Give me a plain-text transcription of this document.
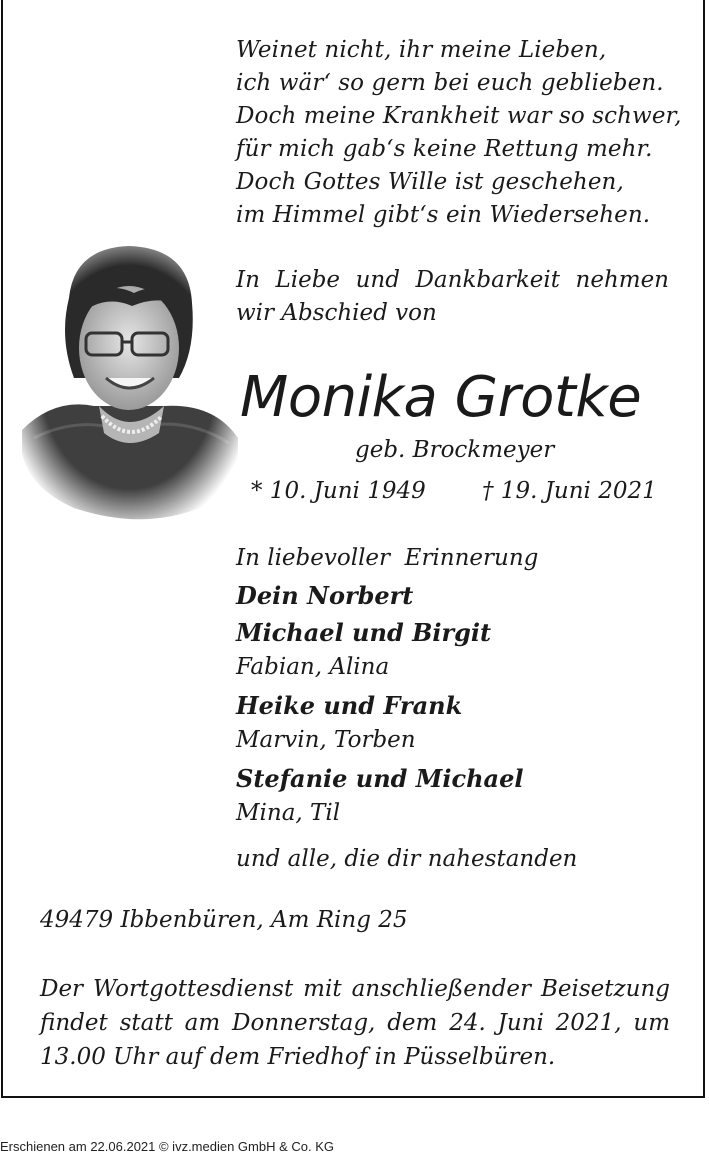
Weinet nicht, ihr meine Lieben,
ich wär‘ so gern bei euch geblieben.
Doch meine Krankheit war so schwer,
für mich gab‘s keine Rettung mehr.
Doch Gottes Wille ist geschehen,
im Himmel gibt‘s ein Wiedersehen.
In Liebe und Dankbarkeit nehmen
wir Abschied von
Monika Grotke
geb. Brockmeyer
* 10. Juni 1949 † 19. Juni 2021
In liebevoller  Erinnerung
Dein Norbert
Michael und Birgit
Fabian, Alina
Heike und Frank
Marvin, Torben
Stefanie und Michael
Mina, Til
und alle, die dir nahestanden
49479 Ibbenbüren, Am Ring 25
Der Wortgottesdienst mit anschließender Beisetzung
findet statt am Donnerstag, dem 24. Juni 2021, um
13.00 Uhr auf dem Friedhof in Püsselbüren.
Erschienen am 22.06.2021 © ivz.medien GmbH & Co. KG
